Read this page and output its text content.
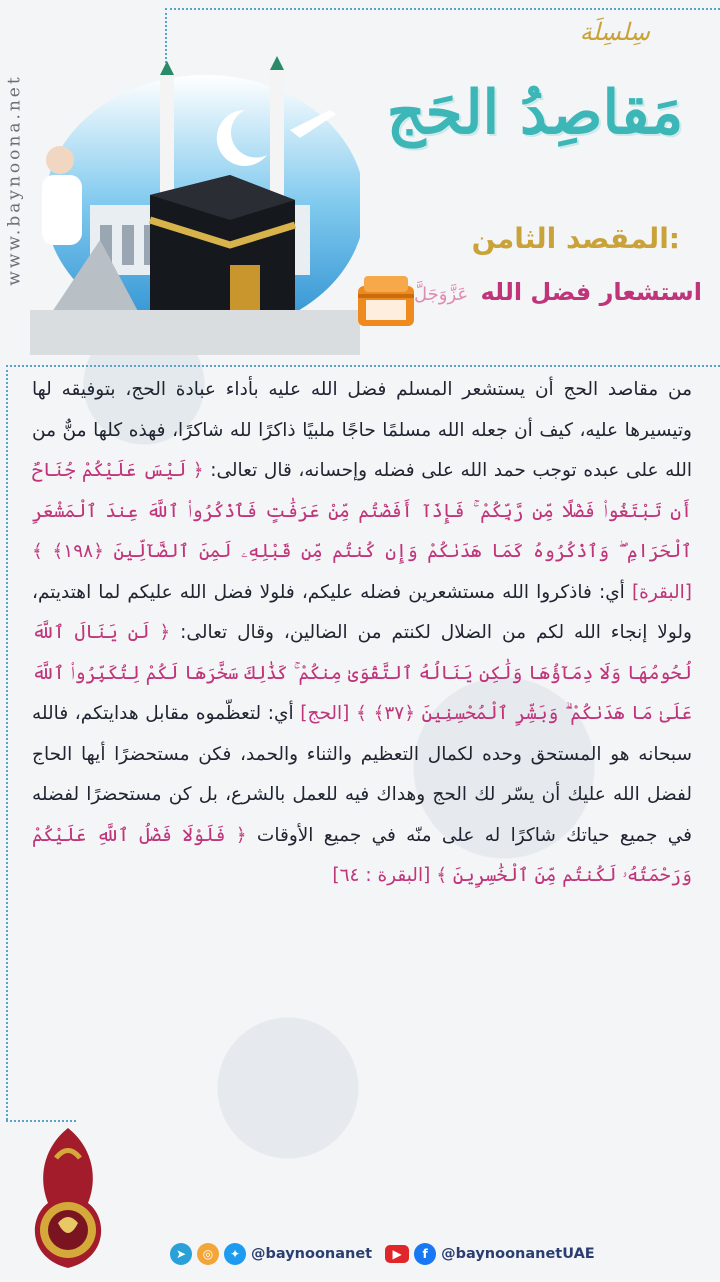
www.baynoona.net
سِلسِلَة
مَقاصِدُ الحَج
المقصد الثامن:
استشعار فضل الله عَزَّوَجَلَّ
من مقاصد الحج أن يستشعر المسلم فضل الله عليه بأداء عبادة الحج، بتوفيقه لها وتيسيرها عليه، كيف أن جعله الله مسلمًا حاجًا ملبيًا ذاكرًا لله شاكرًا، فهذه كلها منٌّ من الله على عبده توجب حمد الله على فضله وإحسانه، قال تعالى: ﴿ لَيْسَ عَلَيْكُمْ جُنَاحٌ أَن تَبْتَغُوا۟ فَضْلًا مِّن رَّبِّكُمْ ۚ فَإِذَآ أَفَضْتُم مِّنْ عَرَفَٰتٍ فَٱذْكُرُوا۟ ٱللَّهَ عِندَ ٱلْمَشْعَرِ ٱلْحَرَامِ ۖ وَٱذْكُرُوهُ كَمَا هَدَىٰكُمْ وَإِن كُنتُم مِّن قَبْلِهِۦ لَمِنَ ٱلضَّآلِّينَ ﴿١٩٨﴾ ﴾ [البقرة] أي: فاذكروا الله مستشعرين فضله عليكم، فلولا فضل الله عليكم لما اهتديتم، ولولا إنجاء الله لكم من الضلال لكنتم من الضالين، وقال تعالى: ﴿ لَن يَنَالَ ٱللَّهَ لُحُومُهَا وَلَا دِمَآؤُهَا وَلَٰكِن يَنَالُهُ ٱلتَّقْوَىٰ مِنكُمْ ۚ كَذَٰلِكَ سَخَّرَهَا لَكُمْ لِتُكَبِّرُوا۟ ٱللَّهَ عَلَىٰ مَا هَدَىٰكُمْ ۗ وَبَشِّرِ ٱلْمُحْسِنِينَ ﴿٣٧﴾ ﴾ [الحج] أي: لتعظّموه مقابل هدايتكم، فالله سبحانه هو المستحق وحده لكمال التعظيم والثناء والحمد، فكن مستحضرًا أيها الحاج لفضل الله عليك أن يسّر لك الحج وهداك فيه للعمل بالشرع، بل كن مستحضرًا لفضله في جميع حياتك شاكرًا له على منّه في جميع الأوقات ﴿ فَلَوْلَا فَضْلُ ٱللَّهِ عَلَيْكُمْ وَرَحْمَتُهُۥ لَكُنتُم مِّنَ ٱلْخَٰسِرِينَ ﴾ [البقرة : ٦٤]
➤	◎	✦ @baynoonanet	▶	f @baynoonanetUAE
